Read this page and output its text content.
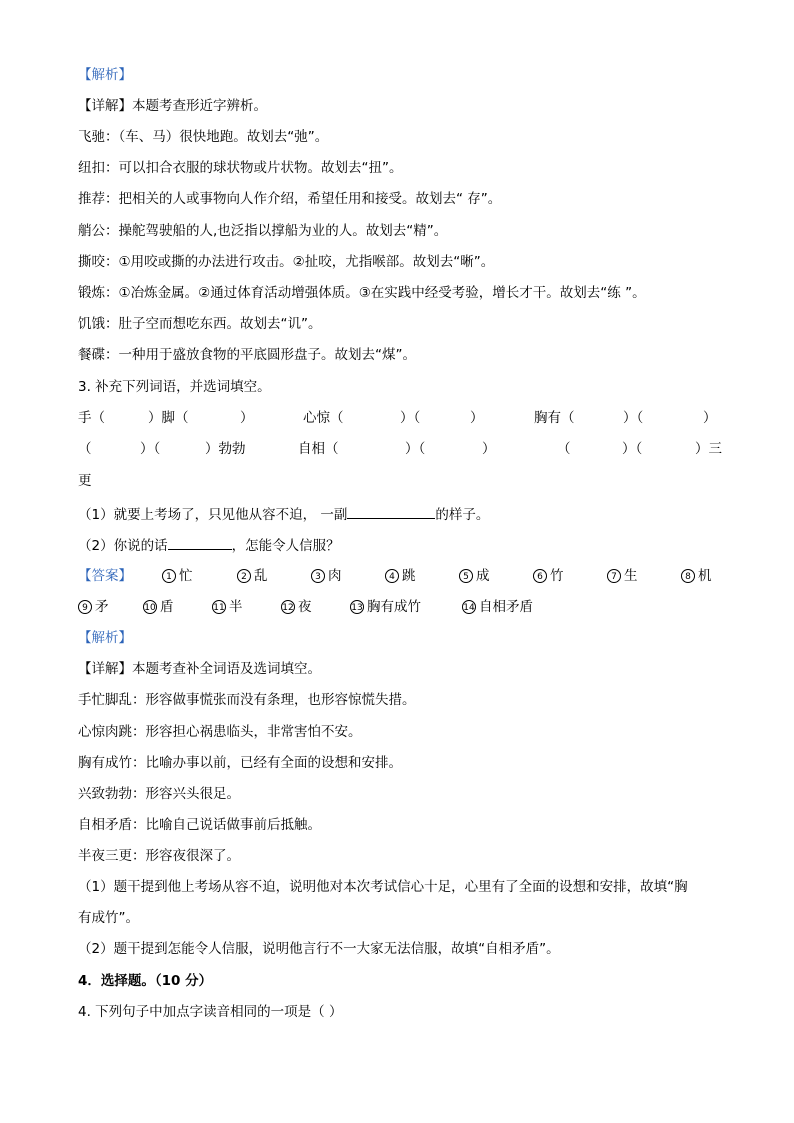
【解析】
【详解】本题考查形近字辨析。
飞驰：（车、马）很快地跑。故划去“弛”。
纽扣：可以扣合衣服的球状物或片状物。故划去“扭”。
推荐：把相关的人或事物向人作介绍，希望任用和接受。故划去“ 存”。
艄公：操舵驾驶船的人,也泛指以撑船为业的人。故划去“精”。
撕咬：①用咬或撕的办法进行攻击。②扯咬，尤指喉部。故划去“晰”。
锻炼：①冶炼金属。②通过体育活动增强体质。③在实践中经受考验，增长才干。故划去“练 ”。
饥饿：肚子空而想吃东西。故划去“讥”。
餐碟：一种用于盛放食物的平底圆形盘子。故划去“煤”。
3. 补充下列词语，并选词填空。
手（	）脚（	）	心惊（	）（	）	胸有（	）（	）
（	）（	）勃勃	自相（	）（	）	（	）（	）三
更
（1）就要上考场了，只见他从容不迫， 一副	的样子。
（2）你说的话	，怎能令人信服？
【答案】	1 忙	2 乱	3 肉	4 跳	5 成	6 竹	7 生	8 机
9 矛	10 盾	11 半	12 夜	13 胸有成竹	14 自相矛盾
【解析】
【详解】本题考查补全词语及选词填空。
手忙脚乱：形容做事慌张而没有条理，也形容惊慌失措。
心惊肉跳：形容担心祸患临头，非常害怕不安。
胸有成竹：比喻办事以前，已经有全面的设想和安排。
兴致勃勃：形容兴头很足。
自相矛盾：比喻自己说话做事前后抵触。
半夜三更：形容夜很深了。
（1）题干提到他上考场从容不迫，说明他对本次考试信心十足，心里有了全面的设想和安排，故填“胸
有成竹”。
（2）题干提到怎能令人信服，说明他言行不一大家无法信服，故填“自相矛盾”。
4．选择题。（10 分）
4. 下列句子中加点字读音相同的一项是（ ）
